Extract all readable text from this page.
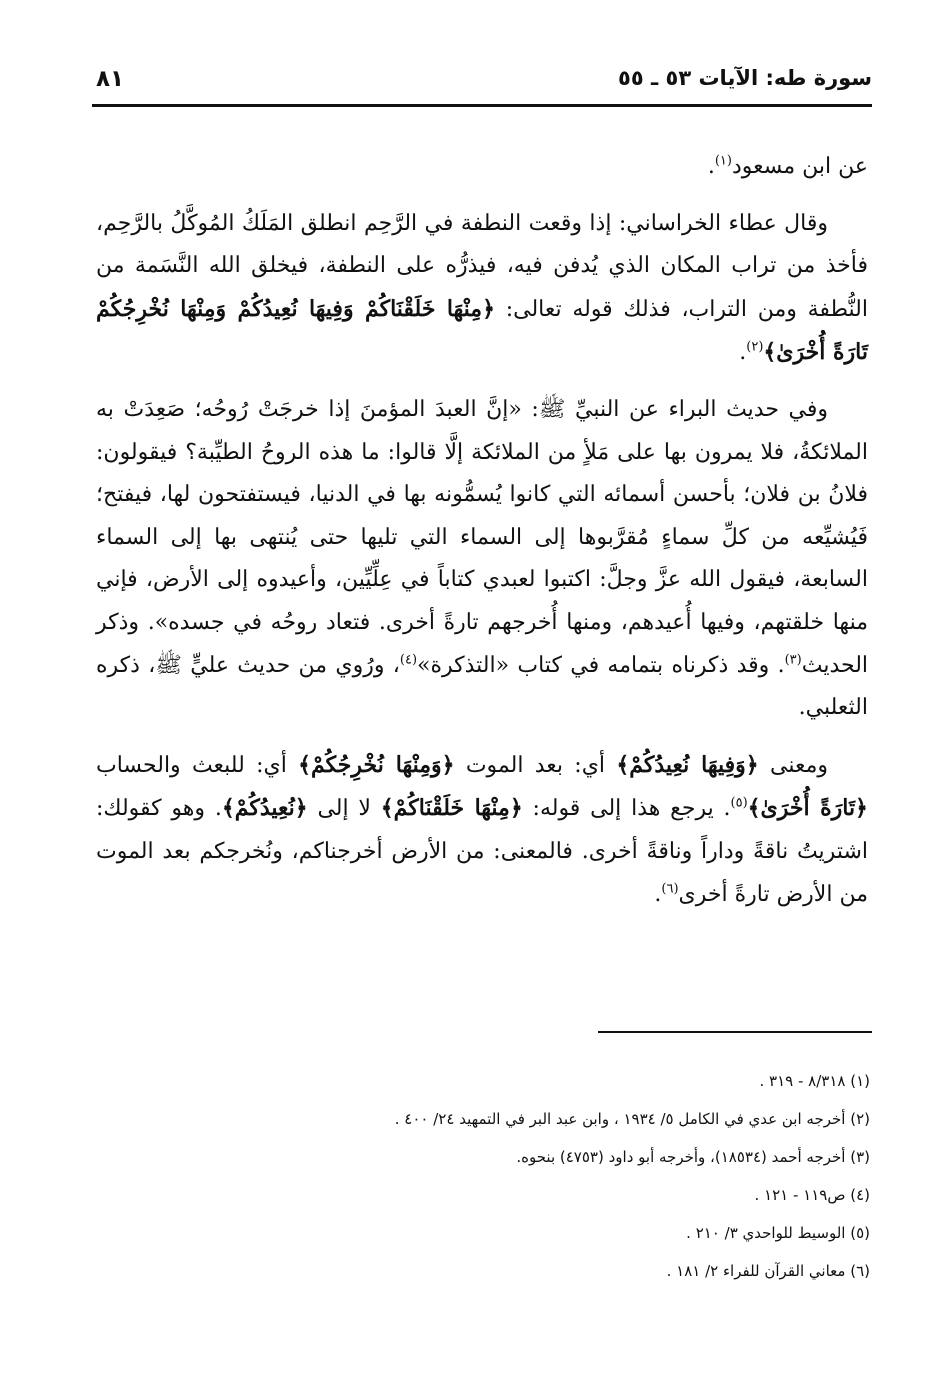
سورة طه: الآيات ٥٣ ـ ٥٥
٨١

عن ابن مسعود$^{(١)}$.

وقال عطاء الخراساني: إذا وقعت النطفة في الرَّحِم انطلق المَلَكُ المُوكَّلُ بالرَّحِم، فأخذ من تراب المكان الذي يُدفن فيه، فيذرُّه على النطفة، فيخلق الله النَّسَمة من النُّطفة ومن التراب، فذلك قوله تعالى: ﴿مِنْهَا خَلَقْنَاكُمْ وَفِيهَا نُعِيدُكُمْ وَمِنْهَا نُخْرِجُكُمْ تَارَةً أُخْرَىٰ﴾$^{(٢)}$.

وفي حديث البراء عن النبيِّ ﷺ: «إنَّ العبدَ المؤمنَ إذا خرجَتْ رُوحُه؛ صَعِدَتْ به الملائكةُ، فلا يمرون بها على مَلأٍ من الملائكة إلَّا قالوا: ما هذه الروحُ الطيِّبة؟ فيقولون: فلانُ بن فلان؛ بأحسن أسمائه التي كانوا يُسمُّونه بها في الدنيا، فيستفتحون لها، فيفتح؛ فَيُشيِّعه من كلِّ سماءٍ مُقرَّبوها إلى السماء التي تليها حتى يُنتهى بها إلى السماء السابعة، فيقول الله عزَّ وجلَّ: اكتبوا لعبدي كتاباً في عِلِّيِّين، وأعيدوه إلى الأرض، فإني منها خلقتهم، وفيها أُعيدهم، ومنها أُخرجهم تارةً أخرى. فتعاد روحُه في جسده». وذكر الحديث$^{(٣)}$. وقد ذكرناه بتمامه في كتاب «التذكرة»$^{(٤)}$، ورُوي من حديث عليٍّ ﷺ، ذكره الثعلبي.

ومعنى ﴿وَفِيهَا نُعِيدُكُمْ﴾ أي: بعد الموت ﴿وَمِنْهَا نُخْرِجُكُمْ﴾ أي: للبعث والحساب ﴿تَارَةً أُخْرَىٰ﴾$^{(٥)}$. يرجع هذا إلى قوله: ﴿مِنْهَا خَلَقْنَاكُمْ﴾ لا إلى ﴿نُعِيدُكُمْ﴾. وهو كقولك: اشتريتُ ناقةً وداراً وناقةً أخرى. فالمعنى: من الأرض أخرجناكم، ونُخرجكم بعد الموت من الأرض تارةً أخرى$^{(٦)}$.

(١) ٨/٣١٨ - ٣١٩ .
(٢) أخرجه ابن عدي في الكامل ٥/ ١٩٣٤ ، وابن عبد البر في التمهيد ٢٤/ ٤٠٠ .
(٣) أخرجه أحمد (١٨٥٣٤)، وأخرجه أبو داود (٤٧٥٣) بنحوه.
(٤) ص١١٩ - ١٢١ .
(٥) الوسيط للواحدي ٣/ ٢١٠ .
(٦) معاني القرآن للفراء ٢/ ١٨١ .
